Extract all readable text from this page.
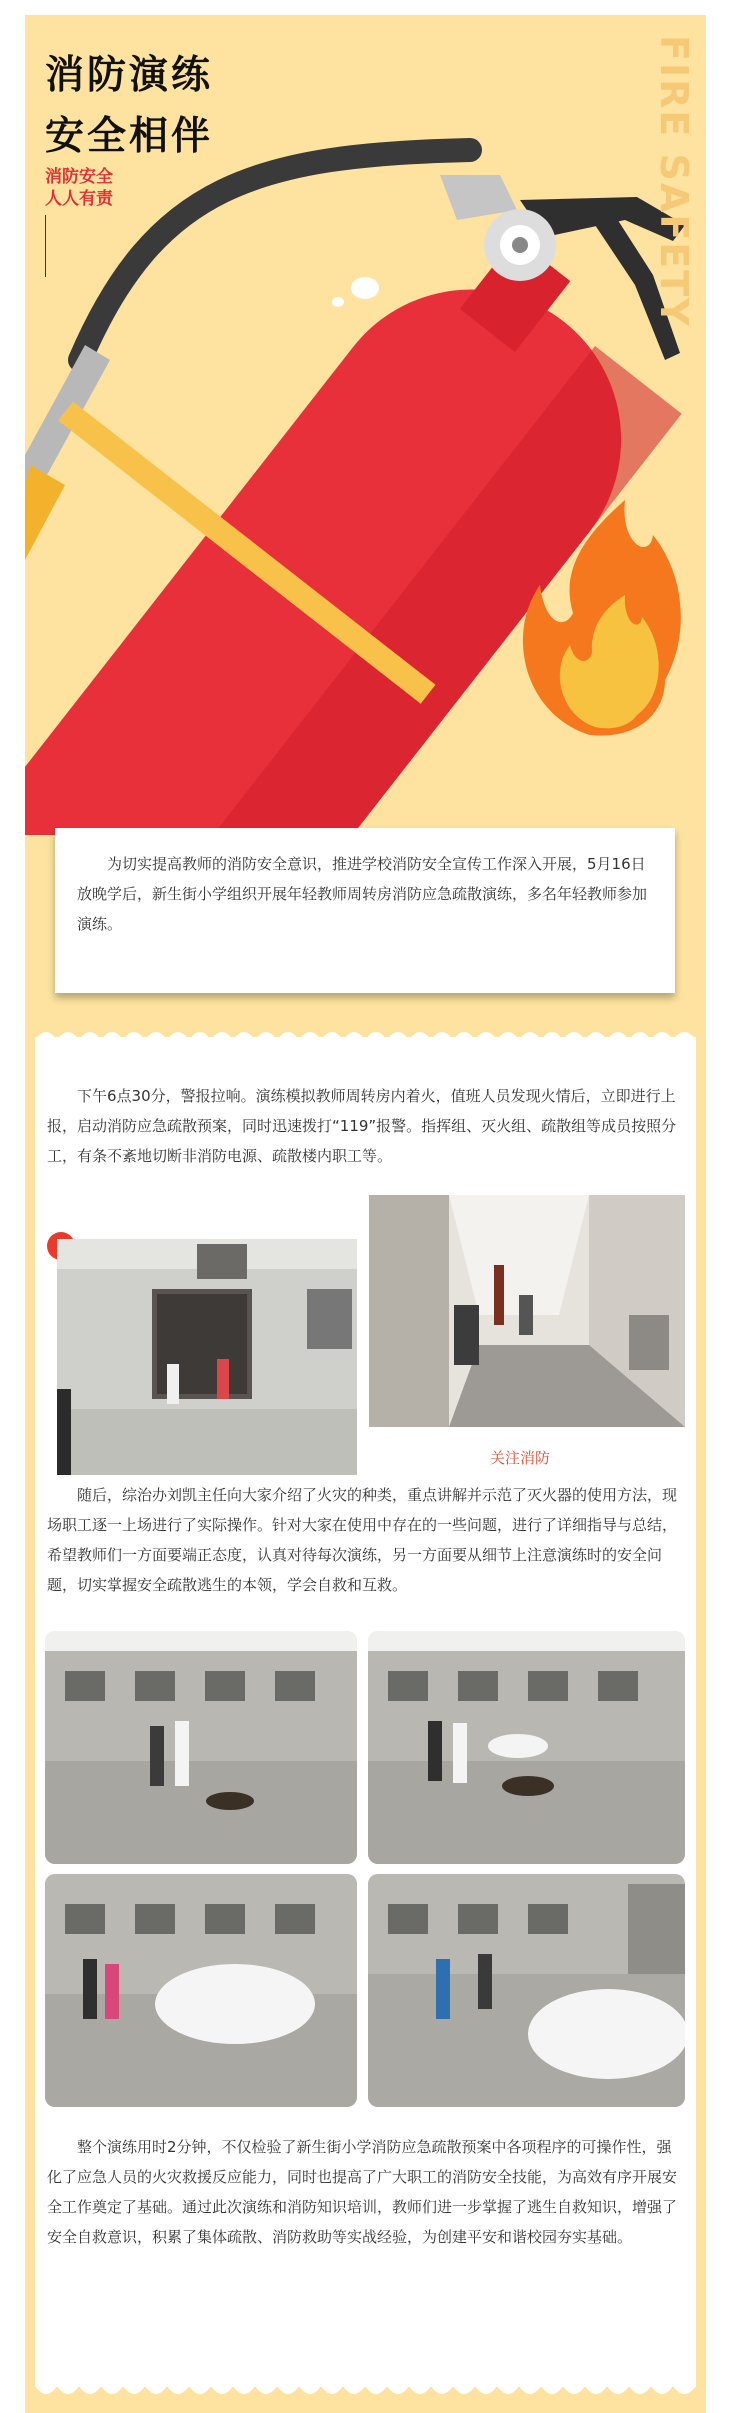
消防演练
安全相伴
消防安全
人人有责	FIRE SAFETY

为切实提高教师的消防安全意识，推进学校消防安全宣传工作深入开展，5月16日放晚学后，新生街小学组织开展年轻教师周转房消防应急疏散演练，多名年轻教师参加演练。

下午6点30分，警报拉响。演练模拟教师周转房内着火，值班人员发现火情后，立即进行上报，启动消防应急疏散预案，同时迅速拨打“119”报警。指挥组、灭火组、疏散组等成员按照分工，有条不紊地切断非消防电源、疏散楼内职工等。

关注消防

随后，综治办刘凯主任向大家介绍了火灾的种类，重点讲解并示范了灭火器的使用方法，现场职工逐一上场进行了实际操作。针对大家在使用中存在的一些问题，进行了详细指导与总结，希望教师们一方面要端正态度，认真对待每次演练，另一方面要从细节上注意演练时的安全问题，切实掌握安全疏散逃生的本领，学会自救和互救。

整个演练用时2分钟，不仅检验了新生街小学消防应急疏散预案中各项程序的可操作性，强化了应急人员的火灾救援反应能力，同时也提高了广大职工的消防安全技能，为高效有序开展安全工作奠定了基础。通过此次演练和消防知识培训，教师们进一步掌握了逃生自救知识，增强了安全自救意识，积累了集体疏散、消防救助等实战经验，为创建平安和谐校园夯实基础。
